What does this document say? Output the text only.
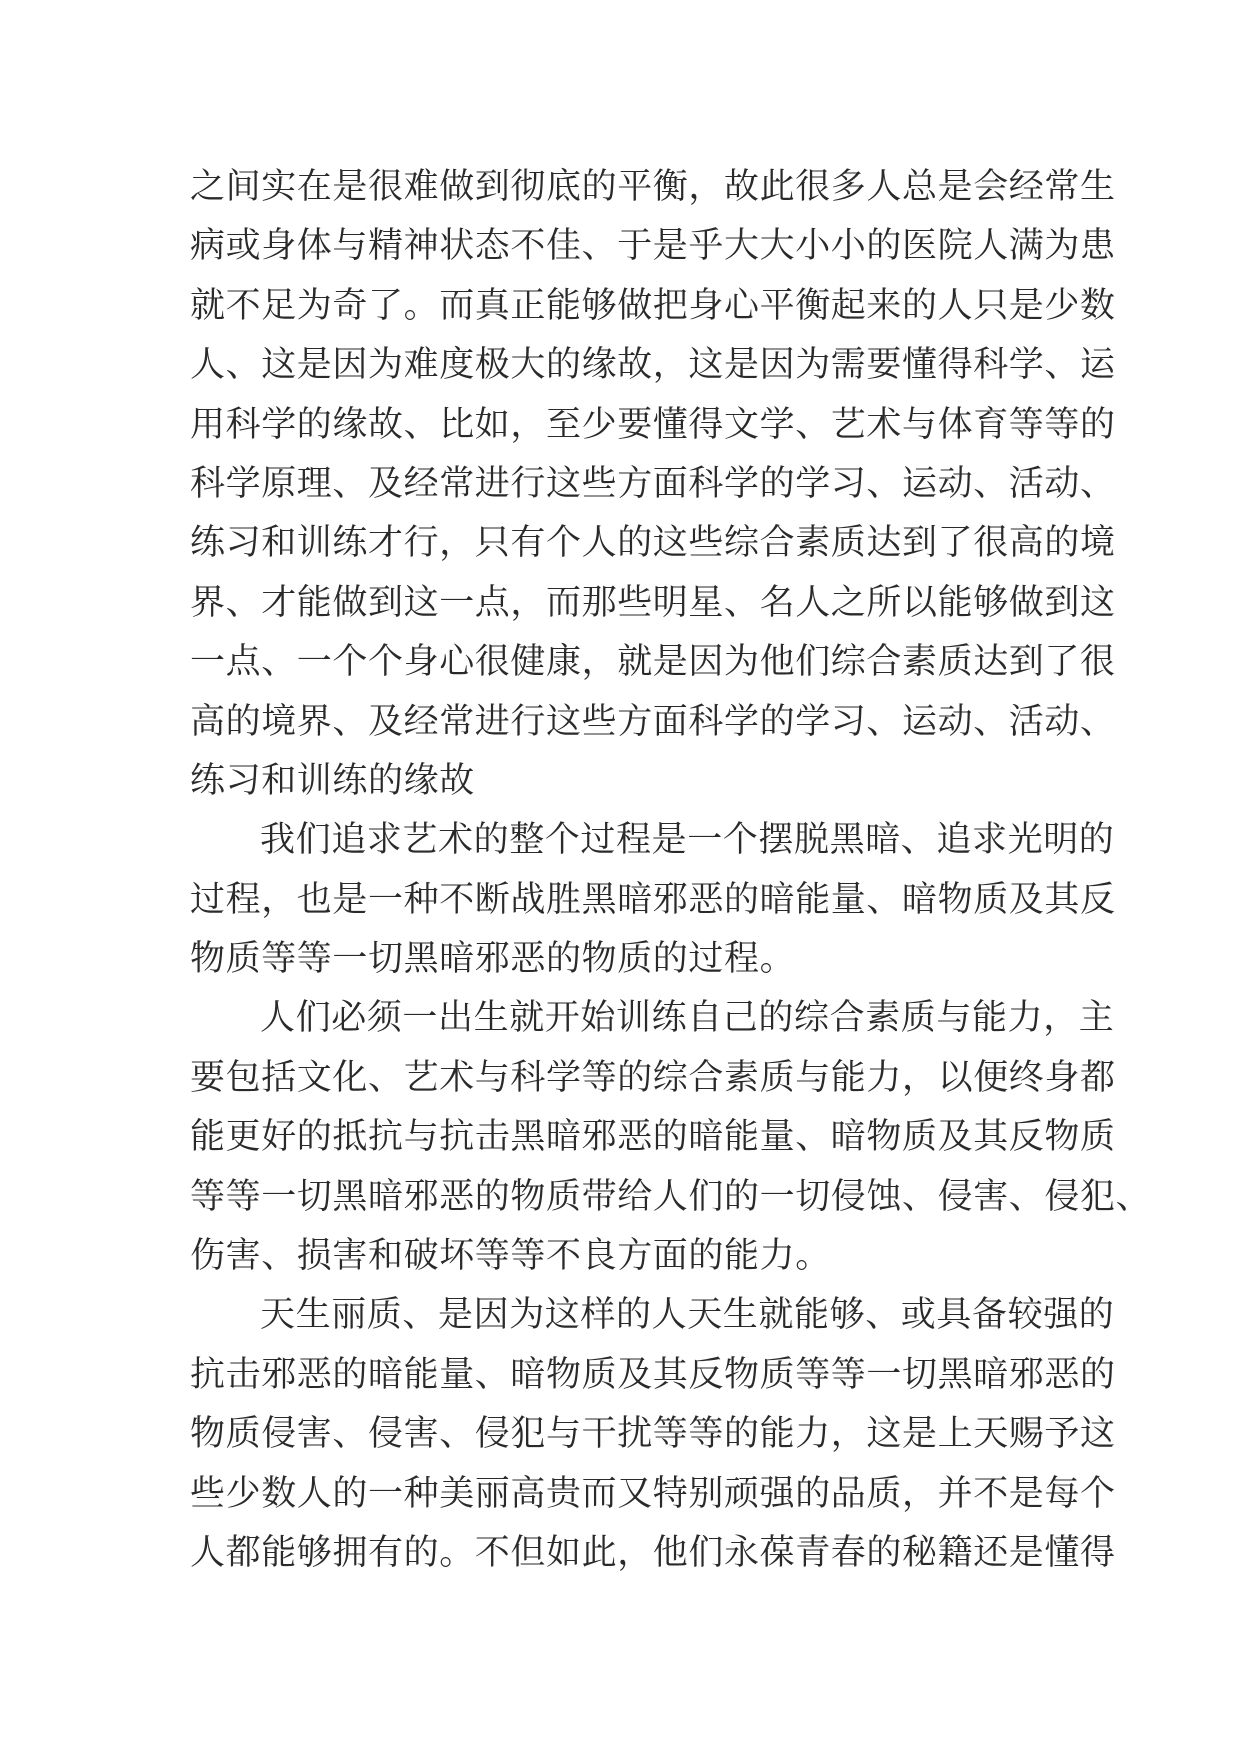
之间实在是很难做到彻底的平衡，故此很多人总是会经常生
病或身体与精神状态不佳、于是乎大大小小的医院人满为患
就不足为奇了。而真正能够做把身心平衡起来的人只是少数
人、这是因为难度极大的缘故，这是因为需要懂得科学、运
用科学的缘故、比如，至少要懂得文学、艺术与体育等等的
科学原理、及经常进行这些方面科学的学习、运动、活动、
练习和训练才行，只有个人的这些综合素质达到了很高的境
界、才能做到这一点，而那些明星、名人之所以能够做到这
一点、一个个身心很健康，就是因为他们综合素质达到了很
高的境界、及经常进行这些方面科学的学习、运动、活动、
练习和训练的缘故
我们追求艺术的整个过程是一个摆脱黑暗、追求光明的
过程，也是一种不断战胜黑暗邪恶的暗能量、暗物质及其反
物质等等一切黑暗邪恶的物质的过程。
人们必须一出生就开始训练自己的综合素质与能力，主
要包括文化、艺术与科学等的综合素质与能力，以便终身都
能更好的抵抗与抗击黑暗邪恶的暗能量、暗物质及其反物质
等等一切黑暗邪恶的物质带给人们的一切侵蚀、侵害、侵犯、
伤害、损害和破坏等等不良方面的能力。
天生丽质、是因为这样的人天生就能够、或具备较强的
抗击邪恶的暗能量、暗物质及其反物质等等一切黑暗邪恶的
物质侵害、侵害、侵犯与干扰等等的能力，这是上天赐予这
些少数人的一种美丽高贵而又特别顽强的品质，并不是每个
人都能够拥有的。不但如此，他们永葆青春的秘籍还是懂得
